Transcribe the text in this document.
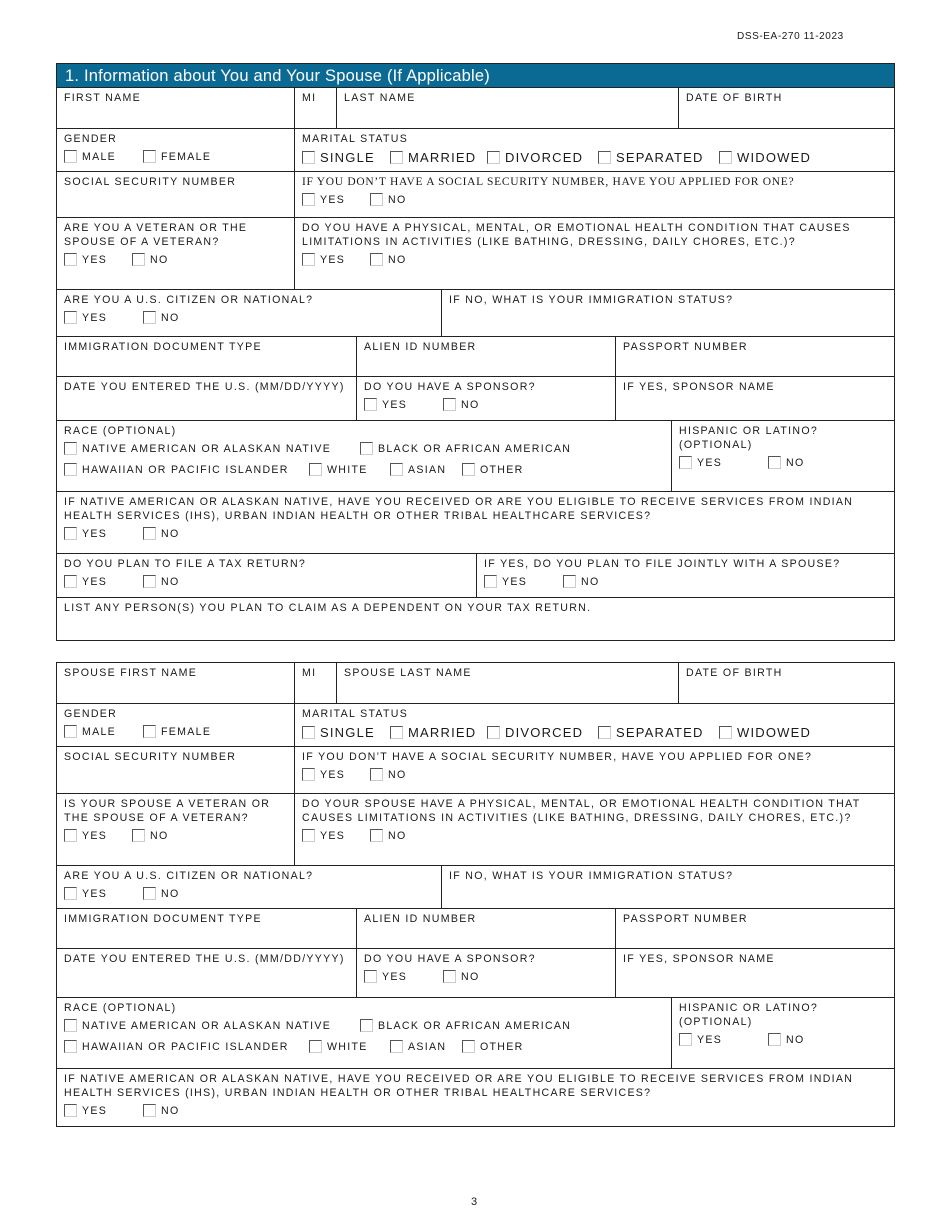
DSS-EA-270 11-2023
1. Information about You and Your Spouse (If Applicable)
FIRST NAME	MI	LAST NAME	DATE OF BIRTH
GENDER
MALE	FEMALE
MARITAL STATUS
SINGLE	MARRIED DIVORCED	SEPARATED	WIDOWED
SOCIAL SECURITY NUMBER	IF YOU DON’T HAVE A SOCIAL SECURITY NUMBER, HAVE YOU APPLIED FOR ONE?
YES	NO
ARE YOU A VETERAN OR THE SPOUSE OF A VETERAN?
YES	NO
DO YOU HAVE A PHYSICAL, MENTAL, OR EMOTIONAL HEALTH CONDITION THAT CAUSES LIMITATIONS IN ACTIVITIES (LIKE BATHING, DRESSING, DAILY CHORES, ETC.)?
YES	NO
ARE YOU A U.S. CITIZEN OR NATIONAL?
YES	NO
IF NO, WHAT IS YOUR IMMIGRATION STATUS?
IMMIGRATION DOCUMENT TYPE	ALIEN ID NUMBER	PASSPORT NUMBER
DATE YOU ENTERED THE U.S. (MM/DD/YYYY)	DO YOU HAVE A SPONSOR?
YES	NO
IF YES, SPONSOR NAME
RACE (OPTIONAL)
NATIVE AMERICAN OR ALASKAN NATIVE	BLACK OR AFRICAN AMERICAN
HAWAIIAN OR PACIFIC ISLANDER	WHITE	ASIAN	OTHER
HISPANIC OR LATINO? (OPTIONAL)
YES	NO
IF NATIVE AMERICAN OR ALASKAN NATIVE, HAVE YOU RECEIVED OR ARE YOU ELIGIBLE TO RECEIVE SERVICES FROM INDIAN HEALTH SERVICES (IHS), URBAN INDIAN HEALTH OR OTHER TRIBAL HEALTHCARE SERVICES?
YES	NO
DO YOU PLAN TO FILE A TAX RETURN?
YES	NO
IF YES, DO YOU PLAN TO FILE JOINTLY WITH A SPOUSE?
YES	NO
LIST ANY PERSON(S) YOU PLAN TO CLAIM AS A DEPENDENT ON YOUR TAX RETURN.
SPOUSE FIRST NAME	MI	SPOUSE LAST NAME	DATE OF BIRTH
GENDER
MALE	FEMALE
MARITAL STATUS
SINGLE	MARRIED DIVORCED	SEPARATED	WIDOWED
SOCIAL SECURITY NUMBER	IF YOU DON’T HAVE A SOCIAL SECURITY NUMBER, HAVE YOU APPLIED FOR ONE?
YES	NO
IS YOUR SPOUSE A VETERAN OR THE SPOUSE OF A VETERAN?
YES	NO
DO YOUR SPOUSE HAVE A PHYSICAL, MENTAL, OR EMOTIONAL HEALTH CONDITION THAT CAUSES LIMITATIONS IN ACTIVITIES (LIKE BATHING, DRESSING, DAILY CHORES, ETC.)?
YES	NO
ARE YOU A U.S. CITIZEN OR NATIONAL?
YES	NO
IF NO, WHAT IS YOUR IMMIGRATION STATUS?
IMMIGRATION DOCUMENT TYPE	ALIEN ID NUMBER	PASSPORT NUMBER
DATE YOU ENTERED THE U.S. (MM/DD/YYYY)	DO YOU HAVE A SPONSOR?
YES	NO
IF YES, SPONSOR NAME
RACE (OPTIONAL)
NATIVE AMERICAN OR ALASKAN NATIVE	BLACK OR AFRICAN AMERICAN
HAWAIIAN OR PACIFIC ISLANDER	WHITE	ASIAN	OTHER
HISPANIC OR LATINO? (OPTIONAL)
YES	NO
IF NATIVE AMERICAN OR ALASKAN NATIVE, HAVE YOU RECEIVED OR ARE YOU ELIGIBLE TO RECEIVE SERVICES FROM INDIAN HEALTH SERVICES (IHS), URBAN INDIAN HEALTH OR OTHER TRIBAL HEALTHCARE SERVICES?
YES	NO
3
